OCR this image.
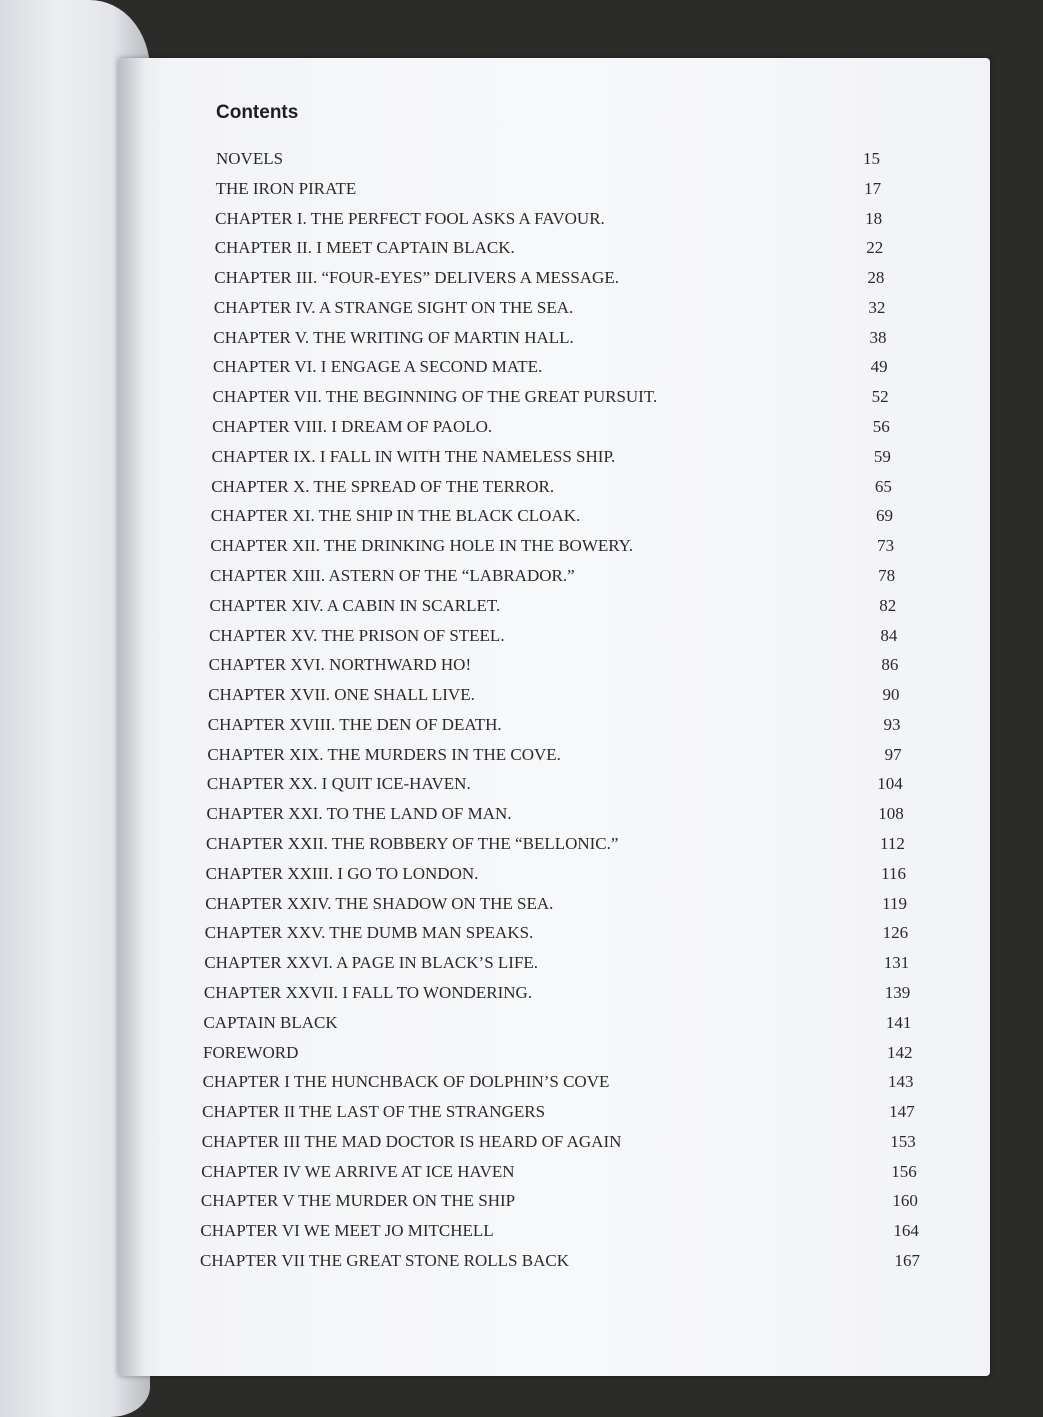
Contents
NOVELS	15
THE IRON PIRATE	17
CHAPTER I. THE PERFECT FOOL ASKS A FAVOUR.	18
CHAPTER II. I MEET CAPTAIN BLACK.	22
CHAPTER III. “FOUR-EYES” DELIVERS A MESSAGE.	28
CHAPTER IV. A STRANGE SIGHT ON THE SEA.	32
CHAPTER V. THE WRITING OF MARTIN HALL.	38
CHAPTER VI. I ENGAGE A SECOND MATE.	49
CHAPTER VII. THE BEGINNING OF THE GREAT PURSUIT.	52
CHAPTER VIII. I DREAM OF PAOLO.	56
CHAPTER IX. I FALL IN WITH THE NAMELESS SHIP.	59
CHAPTER X. THE SPREAD OF THE TERROR.	65
CHAPTER XI. THE SHIP IN THE BLACK CLOAK.	69
CHAPTER XII. THE DRINKING HOLE IN THE BOWERY.	73
CHAPTER XIII. ASTERN OF THE “LABRADOR.”	78
CHAPTER XIV. A CABIN IN SCARLET.	82
CHAPTER XV. THE PRISON OF STEEL.	84
CHAPTER XVI. NORTHWARD HO!	86
CHAPTER XVII. ONE SHALL LIVE.	90
CHAPTER XVIII. THE DEN OF DEATH.	93
CHAPTER XIX. THE MURDERS IN THE COVE.	97
CHAPTER XX. I QUIT ICE-HAVEN.	104
CHAPTER XXI. TO THE LAND OF MAN.	108
CHAPTER XXII. THE ROBBERY OF THE “BELLONIC.”	112
CHAPTER XXIII. I GO TO LONDON.	116
CHAPTER XXIV. THE SHADOW ON THE SEA.	119
CHAPTER XXV. THE DUMB MAN SPEAKS.	126
CHAPTER XXVI. A PAGE IN BLACK’S LIFE.	131
CHAPTER XXVII. I FALL TO WONDERING.	139
CAPTAIN BLACK	141
FOREWORD	142
CHAPTER I THE HUNCHBACK OF DOLPHIN’S COVE	143
CHAPTER II THE LAST OF THE STRANGERS	147
CHAPTER III THE MAD DOCTOR IS HEARD OF AGAIN	153
CHAPTER IV WE ARRIVE AT ICE HAVEN	156
CHAPTER V THE MURDER ON THE SHIP	160
CHAPTER VI WE MEET JO MITCHELL	164
CHAPTER VII THE GREAT STONE ROLLS BACK	167
